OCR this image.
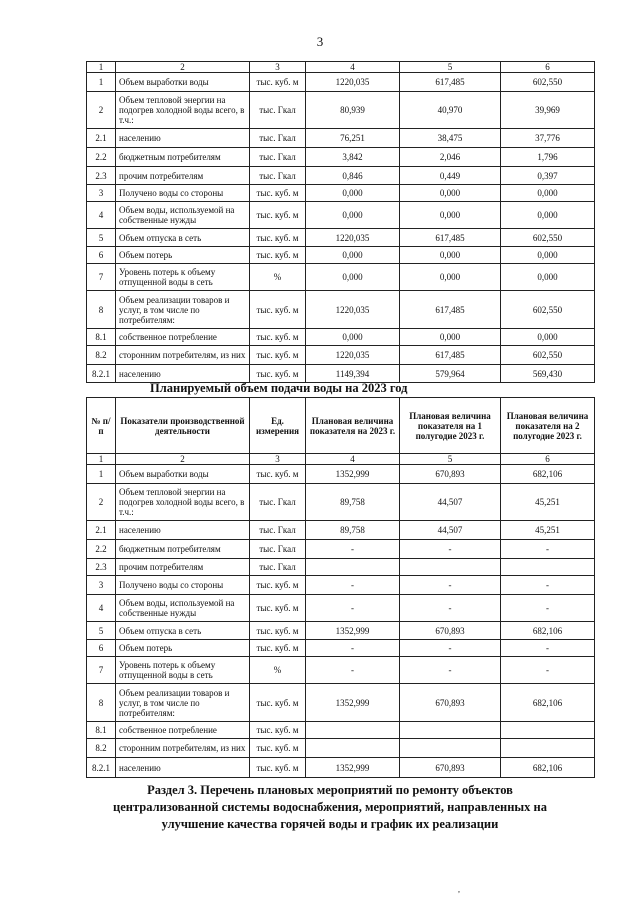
3
1	2	3	4	5	6
1	Объем выработки воды	тыс. куб. м	1220,035	617,485	602,550
2	Объем тепловой энергии на подогрев холодной воды всего, в т.ч.:	тыс. Гкал	80,939	40,970	39,969
2.1	населению	тыс. Гкал	76,251	38,475	37,776
2.2	бюджетным потребителям	тыс. Гкал	3,842	2,046	1,796
2.3	прочим потребителям	тыс. Гкал	0,846	0,449	0,397
3	Получено воды со стороны	тыс. куб. м	0,000	0,000	0,000
4	Объем воды, используемой на собственные нужды	тыс. куб. м	0,000	0,000	0,000
5	Объем отпуска в сеть	тыс. куб. м	1220,035	617,485	602,550
6	Объем потерь	тыс. куб. м	0,000	0,000	0,000
7	Уровень потерь к объему отпущенной воды в сеть	%	0,000	0,000	0,000
8	Объем реализации товаров и услуг, в том числе по потребителям:	тыс. куб. м	1220,035	617,485	602,550
8.1	собственное потребление	тыс. куб. м	0,000	0,000	0,000
8.2	сторонним потребителям, из них	тыс. куб. м	1220,035	617,485	602,550
8.2.1	населению	тыс. куб. м	1149,394	579,964	569,430
Планируемый объем подачи воды на 2023 год
№ п/п	Показатели производственной деятельности	Ед. измерения	Плановая величина показателя на 2023 г.	Плановая величина показателя на 1 полугодие 2023 г.	Плановая величина показателя на 2 полугодие 2023 г.
1	2	3	4	5	6
1	Объем выработки воды	тыс. куб. м	1352,999	670,893	682,106
2	Объем тепловой энергии на подогрев холодной воды всего, в т.ч.:	тыс. Гкал	89,758	44,507	45,251
2.1	населению	тыс. Гкал	89,758	44,507	45,251
2.2	бюджетным потребителям	тыс. Гкал	-	-	-
2.3	прочим потребителям	тыс. Гкал			
3	Получено воды со стороны	тыс. куб. м	-	-	-
4	Объем воды, используемой на собственные нужды	тыс. куб. м	-	-	-
5	Объем отпуска в сеть	тыс. куб. м	1352,999	670,893	682,106
6	Объем потерь	тыс. куб. м	-	-	-
7	Уровень потерь к объему отпущенной воды в сеть	%	-	-	-
8	Объем реализации товаров и услуг, в том числе по потребителям:	тыс. куб. м	1352,999	670,893	682,106
8.1	собственное потребление	тыс. куб. м			
8.2	сторонним потребителям, из них	тыс. куб. м			
8.2.1	населению	тыс. куб. м	1352,999	670,893	682,106
Раздел 3. Перечень плановых мероприятий по ремонту объектов
централизованной системы водоснабжения, мероприятий, направленных на
улучшение качества горячей воды и график их реализации
,
